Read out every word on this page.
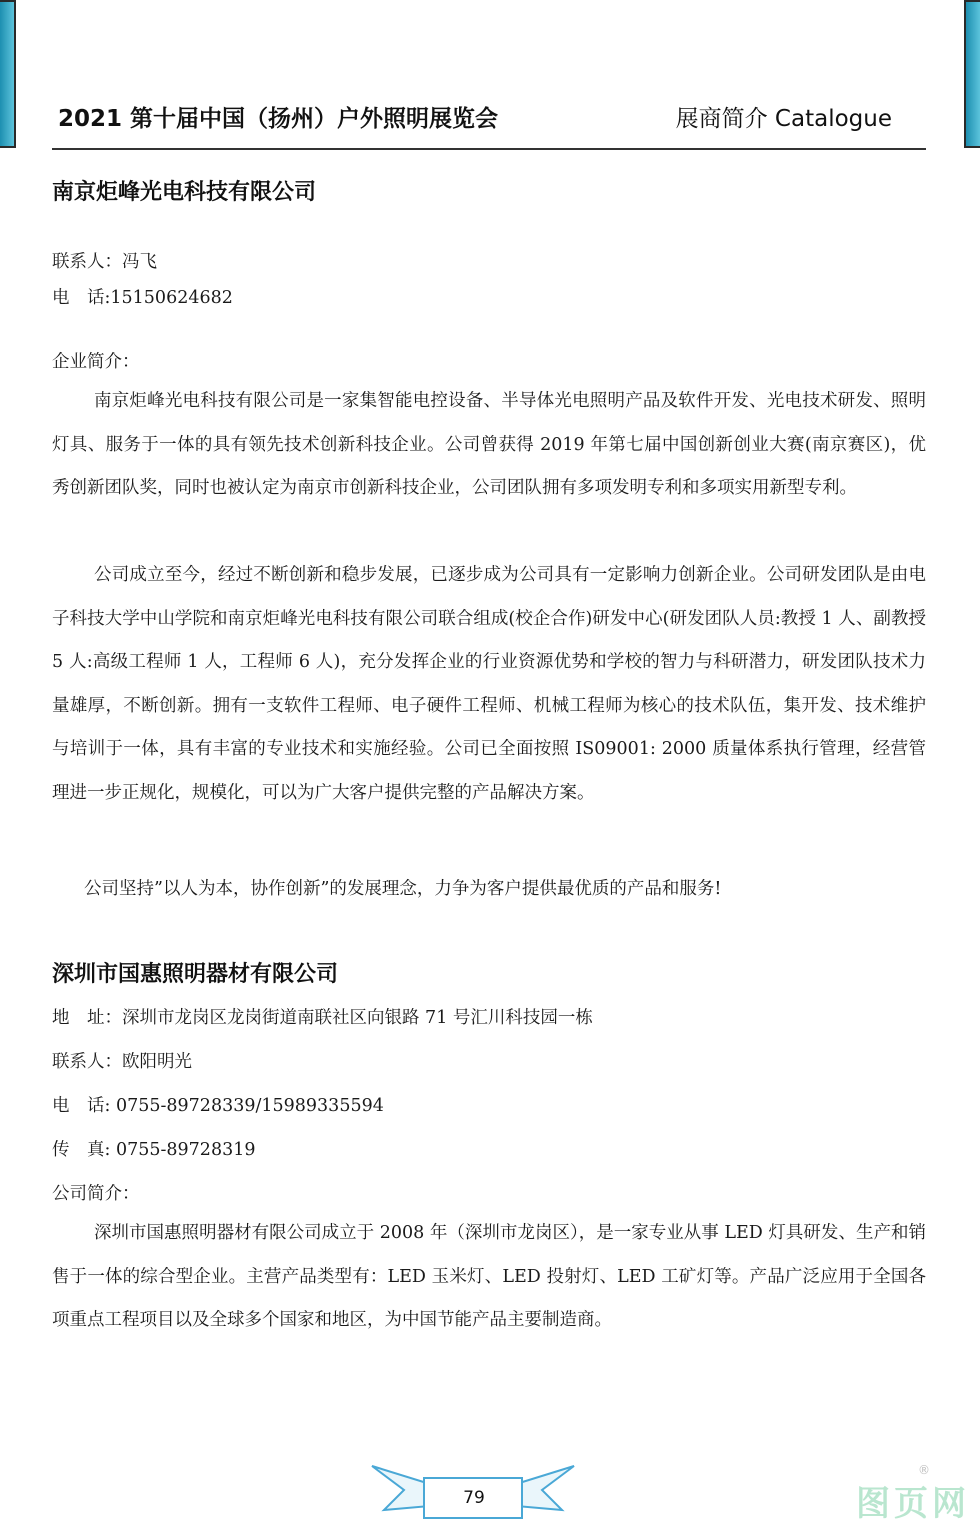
2021 第十届中国（扬州）户外照明展览会	展商简介 Catalogue
南京炬峰光电科技有限公司
联系人：冯飞
电　话:15150624682
企业简介：

南京炬峰光电科技有限公司是一家集智能电控设备、半导体光电照明产品及软件开发、光电技术研发、照明灯具、服务于一体的具有领先技术创新科技企业。公司曾获得 2019 年第七届中国创新创业大赛(南京赛区)，优秀创新团队奖，同时也被认定为南京市创新科技企业，公司团队拥有多项发明专利和多项实用新型专利。

公司成立至今，经过不断创新和稳步发展，已逐步成为公司具有一定影响力创新企业。公司研发团队是由电子科技大学中山学院和南京炬峰光电科技有限公司联合组成(校企合作)研发中心(研发团队人员:教授 1 人、副教授 5 人:高级工程师 1 人，工程师 6 人)，充分发挥企业的行业资源优势和学校的智力与科研潜力，研发团队技术力量雄厚，不断创新。拥有一支软件工程师、电子硬件工程师、机械工程师为核心的技术队伍，集开发、技术维护与培训于一体，具有丰富的专业技术和实施经验。公司已全面按照 IS09001: 2000 质量体系执行管理，经营管理进一步正规化，规模化，可以为广大客户提供完整的产品解决方案。

公司坚持”以人为本，协作创新”的发展理念，力争为客户提供最优质的产品和服务!
深圳市国惠照明器材有限公司
地　址：深圳市龙岗区龙岗街道南联社区向银路 71 号汇川科技园一栋
联系人：欧阳明光
电　话: 0755-89728339/15989335594
传　真: 0755-89728319
公司简介：

深圳市国惠照明器材有限公司成立于 2008 年（深圳市龙岗区），是一家专业从事 LED 灯具研发、生产和销售于一体的综合型企业。主营产品类型有：LED 玉米灯、LED 投射灯、LED 工矿灯等。产品广泛应用于全国各项重点工程项目以及全球多个国家和地区，为中国节能产品主要制造商。

79	图页网
®
